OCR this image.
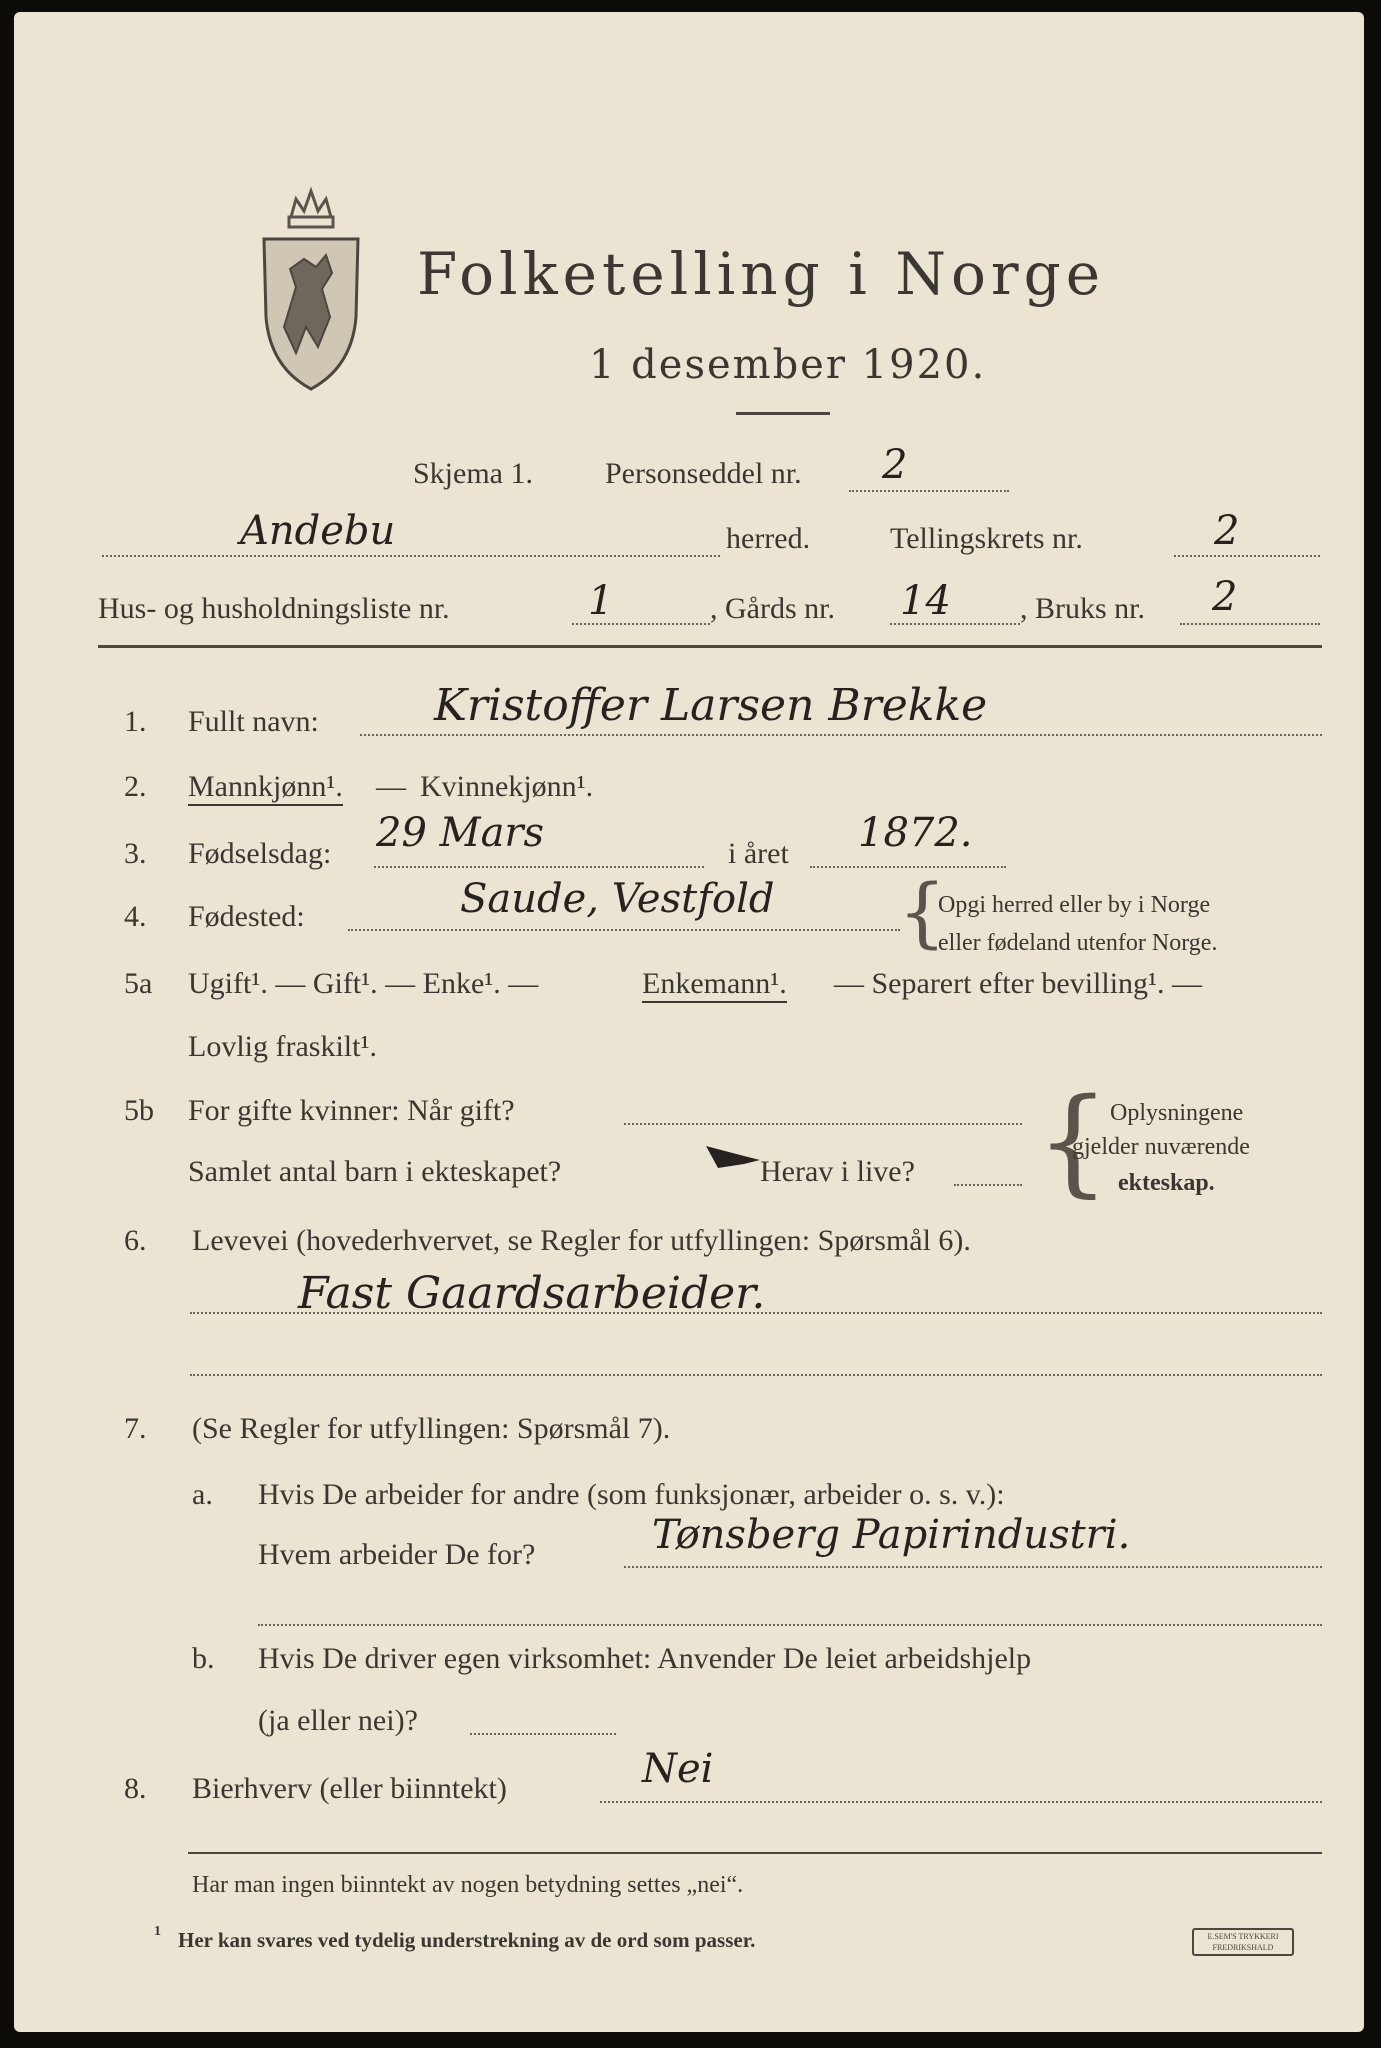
Folketelling i Norge
1 desember 1920.
Skjema 1. Personseddel nr. 2
Andebu	herred.	Tellingskrets nr.	2
Hus- og husholdningsliste nr.	1	, Gårds nr. 14 , Bruks nr. 2
1. Fullt navn:	Kristoffer Larsen Brekke
2. Mannkjønn¹. — Kvinnekjønn¹.
3. Fødselsdag: 29 Mars	i året 1872.
4. Fødested:	Saude, Vestfold {
Opgi herred eller by i Norge
eller fødeland utenfor Norge.
5a Ugift¹. — Gift¹. — Enke¹. —	Enkemann¹. — Separert efter bevilling¹. —
Lovlig fraskilt¹.
5b For gifte kvinner: Når gift?
Samlet antal barn i ekteskapet?	Herav i live? { Oplysningene
gjelder nuværende
ekteskap.
6. Levevei (hovederhvervet, se Regler for utfyllingen: Spørsmål 6).
Fast Gaardsarbeider.
7. (Se Regler for utfyllingen: Spørsmål 7).
a. Hvis De arbeider for andre (som funksjonær, arbeider o. s. v.):
Hvem arbeider De for?	Tønsberg Papirindustri.
b. Hvis De driver egen virksomhet: Anvender De leiet arbeidshjelp
(ja eller nei)?
8. Bierhverv (eller biinntekt)	Nei
Har man ingen biinntekt av nogen betydning settes „nei“.
1 Her kan svares ved tydelig understrekning av de ord som passer.	E.SEM'S TRYKKERI
FREDRIKSHALD
